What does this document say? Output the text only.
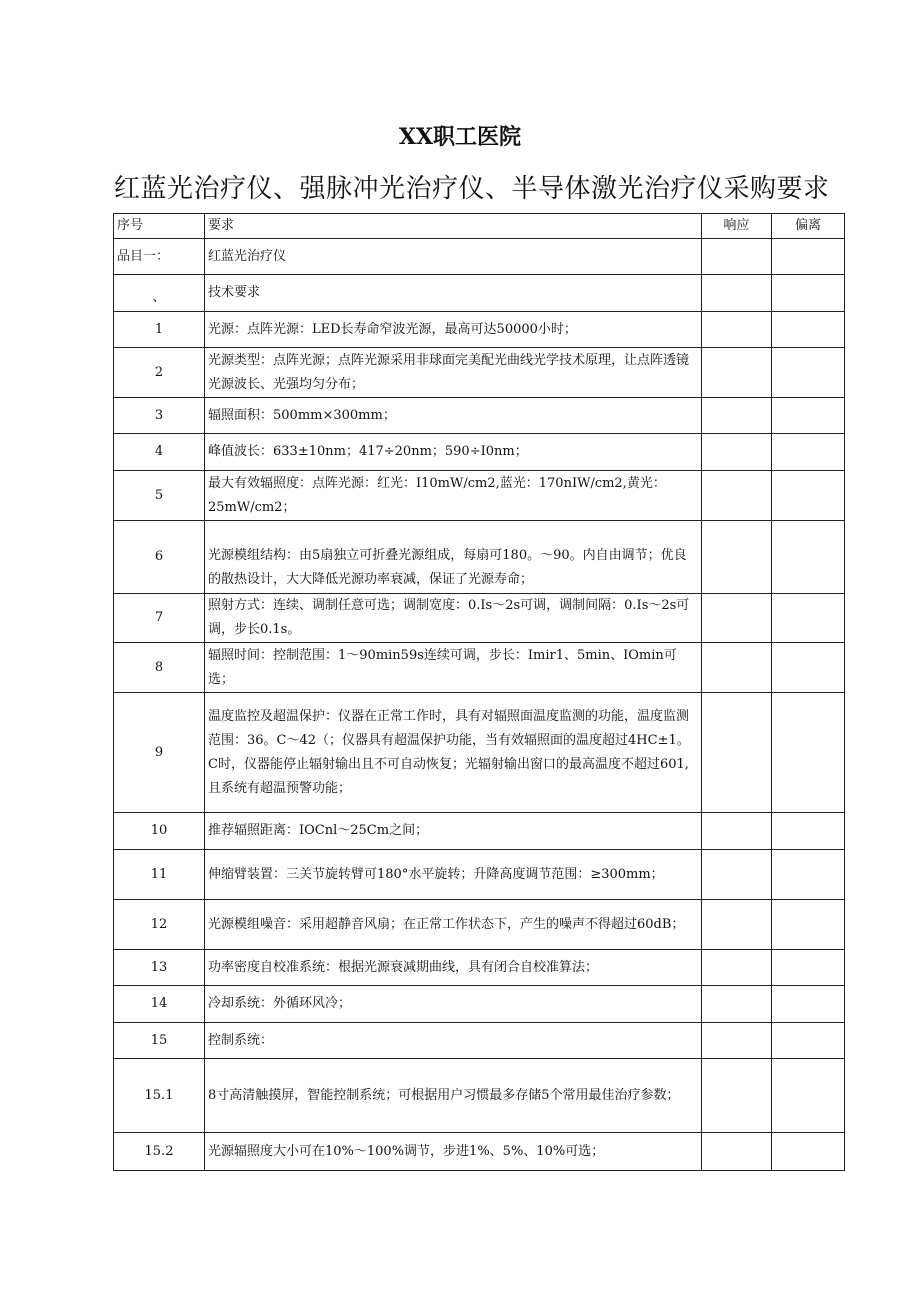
XX职工医院
红蓝光治疗仪、强脉冲光治疗仪、半导体激光治疗仪采购要求
序号	要求	响应	偏离
品目一：	红蓝光治疗仪		

、	技术要求		
1	光源：点阵光源：LED长寿命窄波光源，最高可达50000小时；		
2	光源类型：点阵光源；点阵光源采用非球面完美配光曲线光学技术原理，让点阵透镜光源波长、光强均匀分布；		
3	辐照面积：500mm×300mm；		
4	峰值波长：633±10nm；417÷20nm；590÷I0nm；		
5	最大有效辐照度：点阵光源：红光：I10mW/cm2,蓝光：170nIW/cm2,黄光：25mW/cm2；		
6	光源模组结构：由5扇独立可折叠光源组成，每扇可180。～90。内自由调节；优良的散热设计，大大降低光源功率衰减，保证了光源寿命；		
7	照射方式：连续、调制任意可选；调制宽度：0.Is～2s可调，调制间隔：0.Is～2s可调，步长0.1s。		
8	辐照时间：控制范围：1～90min59s连续可调，步长：Imir1、5min、IOmin可选；		
9	温度监控及超温保护：仪器在正常工作时，具有对辐照面温度监测的功能，温度监测范围：36。C～42（；仪器具有超温保护功能，当有效辐照面的温度超过4HC±1。C时，仪器能停止辐射输出且不可自动恢复；光辐射输出窗口的最高温度不超过601,且系统有超温预警功能；		
10	推荐辐照距离：IOCnl～25Cm之间；		
11	伸缩臂装置：三关节旋转臂可180°水平旋转；升降高度调节范围：≥300mm；		
12	光源模组噪音：采用超静音风扇；在正常工作状态下，产生的噪声不得超过60dB；		
13	功率密度自校准系统：根据光源衰减期曲线，具有闭合自校准算法；		
14	冷却系统：外循环风冷；		
15	控制系统：		
15.1	8寸高清触摸屏，智能控制系统；可根据用户习惯最多存储5个常用最佳治疗参数；		
15.2	光源辐照度大小可在10%～100%调节，步进1%、5%、10%可选；		
